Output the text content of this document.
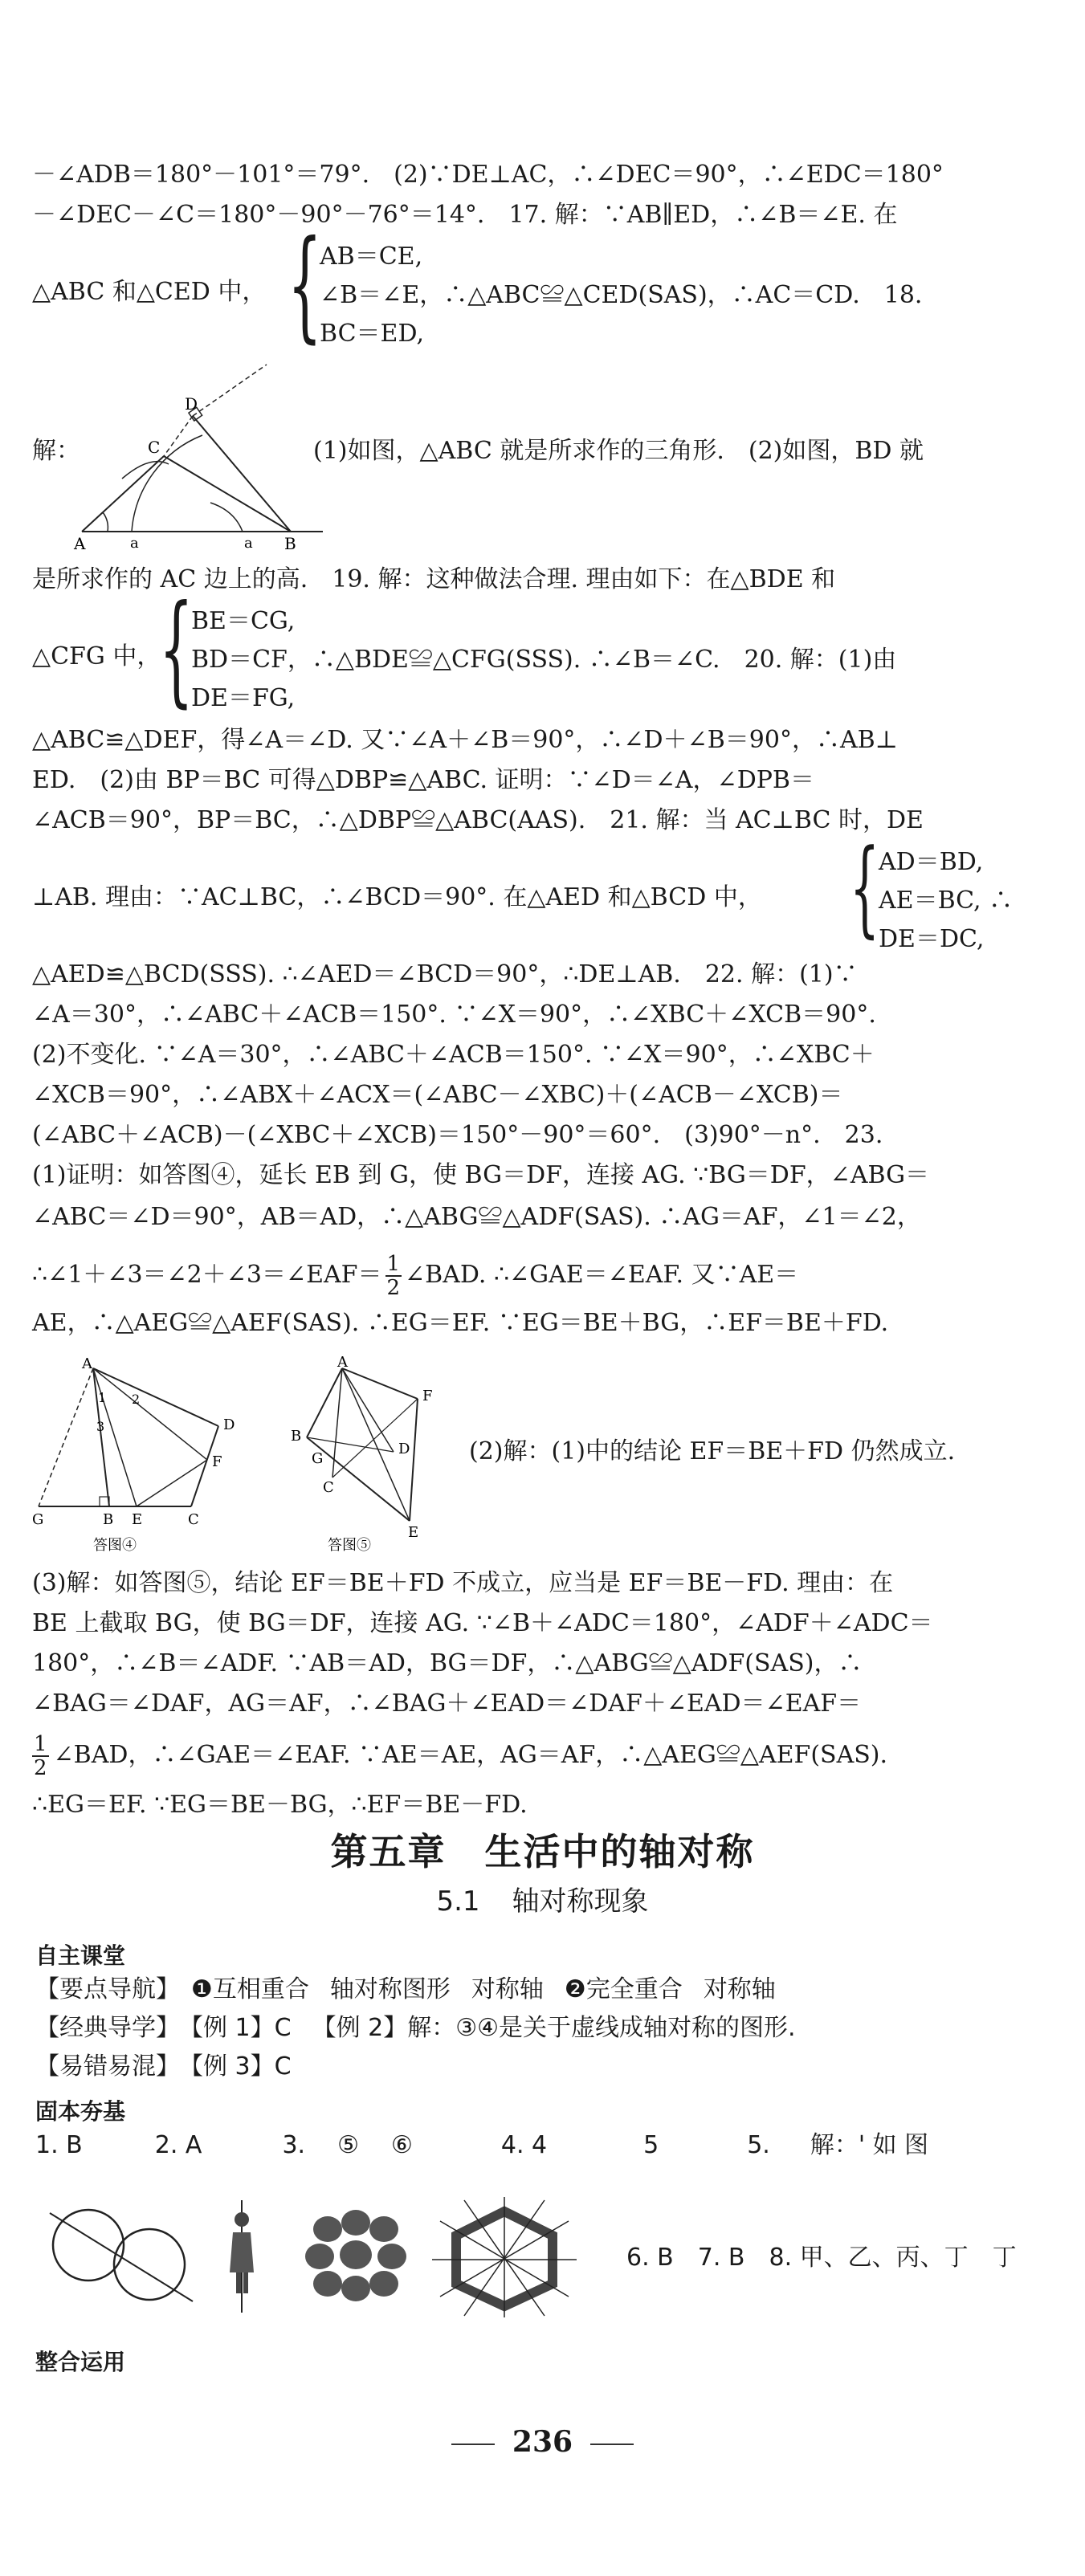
－∠ADB＝180°－101°＝79°.　(2)∵DE⊥AC，∴∠DEC＝90°，∴∠EDC＝180°
－∠DEC－∠C＝180°－90°－76°＝14°.　17. 解：∵AB∥ED，∴∠B＝∠E. 在
△ABC 和△CED 中， {
AB＝CE,
∠B＝∠E，∴△ABC≌△CED(SAS)，∴AC＝CD.　18.
BC＝ED,
解：
D
C
A	a	a B
(1)如图，△ABC 就是所求作的三角形.　(2)如图，BD 就
是所求作的 AC 边上的高.　19. 解：这种做法合理. 理由如下：在△BDE 和
△CFG 中，
{
BE＝CG,
BD＝CF，∴△BDE≌△CFG(SSS). ∴∠B＝∠C.　20. 解：(1)由
DE＝FG,
△ABC≌△DEF，得∠A＝∠D. 又∵∠A＋∠B＝90°，∴∠D＋∠B＝90°，∴AB⊥
ED.　(2)由 BP＝BC 可得△DBP≌△ABC. 证明：∵∠D＝∠A，∠DPB＝
∠ACB＝90°，BP＝BC，∴△DBP≌△ABC(AAS).　21. 解：当 AC⊥BC 时，DE
⊥AB. 理由：∵AC⊥BC，∴∠BCD＝90°. 在△AED 和△BCD 中， {
AD＝BD,
AE＝BC, ∴
DE＝DC,
△AED≌△BCD(SSS). ∴∠AED＝∠BCD＝90°，∴DE⊥AB.　22. 解：(1)∵
∠A＝30°，∴∠ABC＋∠ACB＝150°. ∵∠X＝90°，∴∠XBC＋∠XCB＝90°.
(2)不变化. ∵∠A＝30°，∴∠ABC＋∠ACB＝150°. ∵∠X＝90°，∴∠XBC＋
∠XCB＝90°，∴∠ABX＋∠ACX＝(∠ABC－∠XBC)＋(∠ACB－∠XCB)＝
(∠ABC＋∠ACB)－(∠XBC＋∠XCB)＝150°－90°＝60°.　(3)90°－n°.　23.
(1)证明：如答图④，延长 EB 到 G，使 BG＝DF，连接 AG. ∵BG＝DF，∠ABG＝
∠ABC＝∠D＝90°，AB＝AD，∴△ABG≌△ADF(SAS). ∴AG＝AF，∠1＝∠2，
∴∠1＋∠3＝∠2＋∠3＝∠EAF＝ $\frac{1}{2}$ ∠BAD. ∴∠GAE＝∠EAF. 又∵AE＝
AE，∴△AEG≌△AEF(SAS). ∴EG＝EF. ∵EG＝BE＋BG，∴EF＝BE＋FD.
A
1 2
3	D
F
G	B E	C
答图④
A
F
D
B
G
C
E
答图⑤
(2)解：(1)中的结论 EF＝BE＋FD 仍然成立.
(3)解：如答图⑤，结论 EF＝BE＋FD 不成立，应当是 EF＝BE－FD. 理由：在
BE 上截取 BG，使 BG＝DF，连接 AG. ∵∠B＋∠ADC＝180°，∠ADF＋∠ADC＝
180°，∴∠B＝∠ADF. ∵AB＝AD，BG＝DF，∴△ABG≌△ADF(SAS)，∴
∠BAG＝∠DAF，AG＝AF，∴∠BAG＋∠EAD＝∠DAF＋∠EAD＝∠EAF＝
$\frac{1}{2}$ ∠BAD，∴∠GAE＝∠EAF. ∵AE＝AE，AG＝AF，∴△AEG≌△AEF(SAS).
∴EG＝EF. ∵EG＝BE－BG，∴EF＝BE－FD.
第五章　生活中的轴对称
5.1 轴对称现象
自主课堂
【要点导航】 ❶互相重合 轴对称图形 对称轴 ❷完全重合 对称轴
【经典导学】 【例 1】C 【例 2】解：③④是关于虚线成轴对称的图形.
【易错易混】 【例 3】C
固本夯基
1. B	2. A	3. ⑤ ⑥	4. 4	5	5. 解：' 如 图
6. B　7. B　8. 甲、乙、丙、丁　丁
整合运用
236
